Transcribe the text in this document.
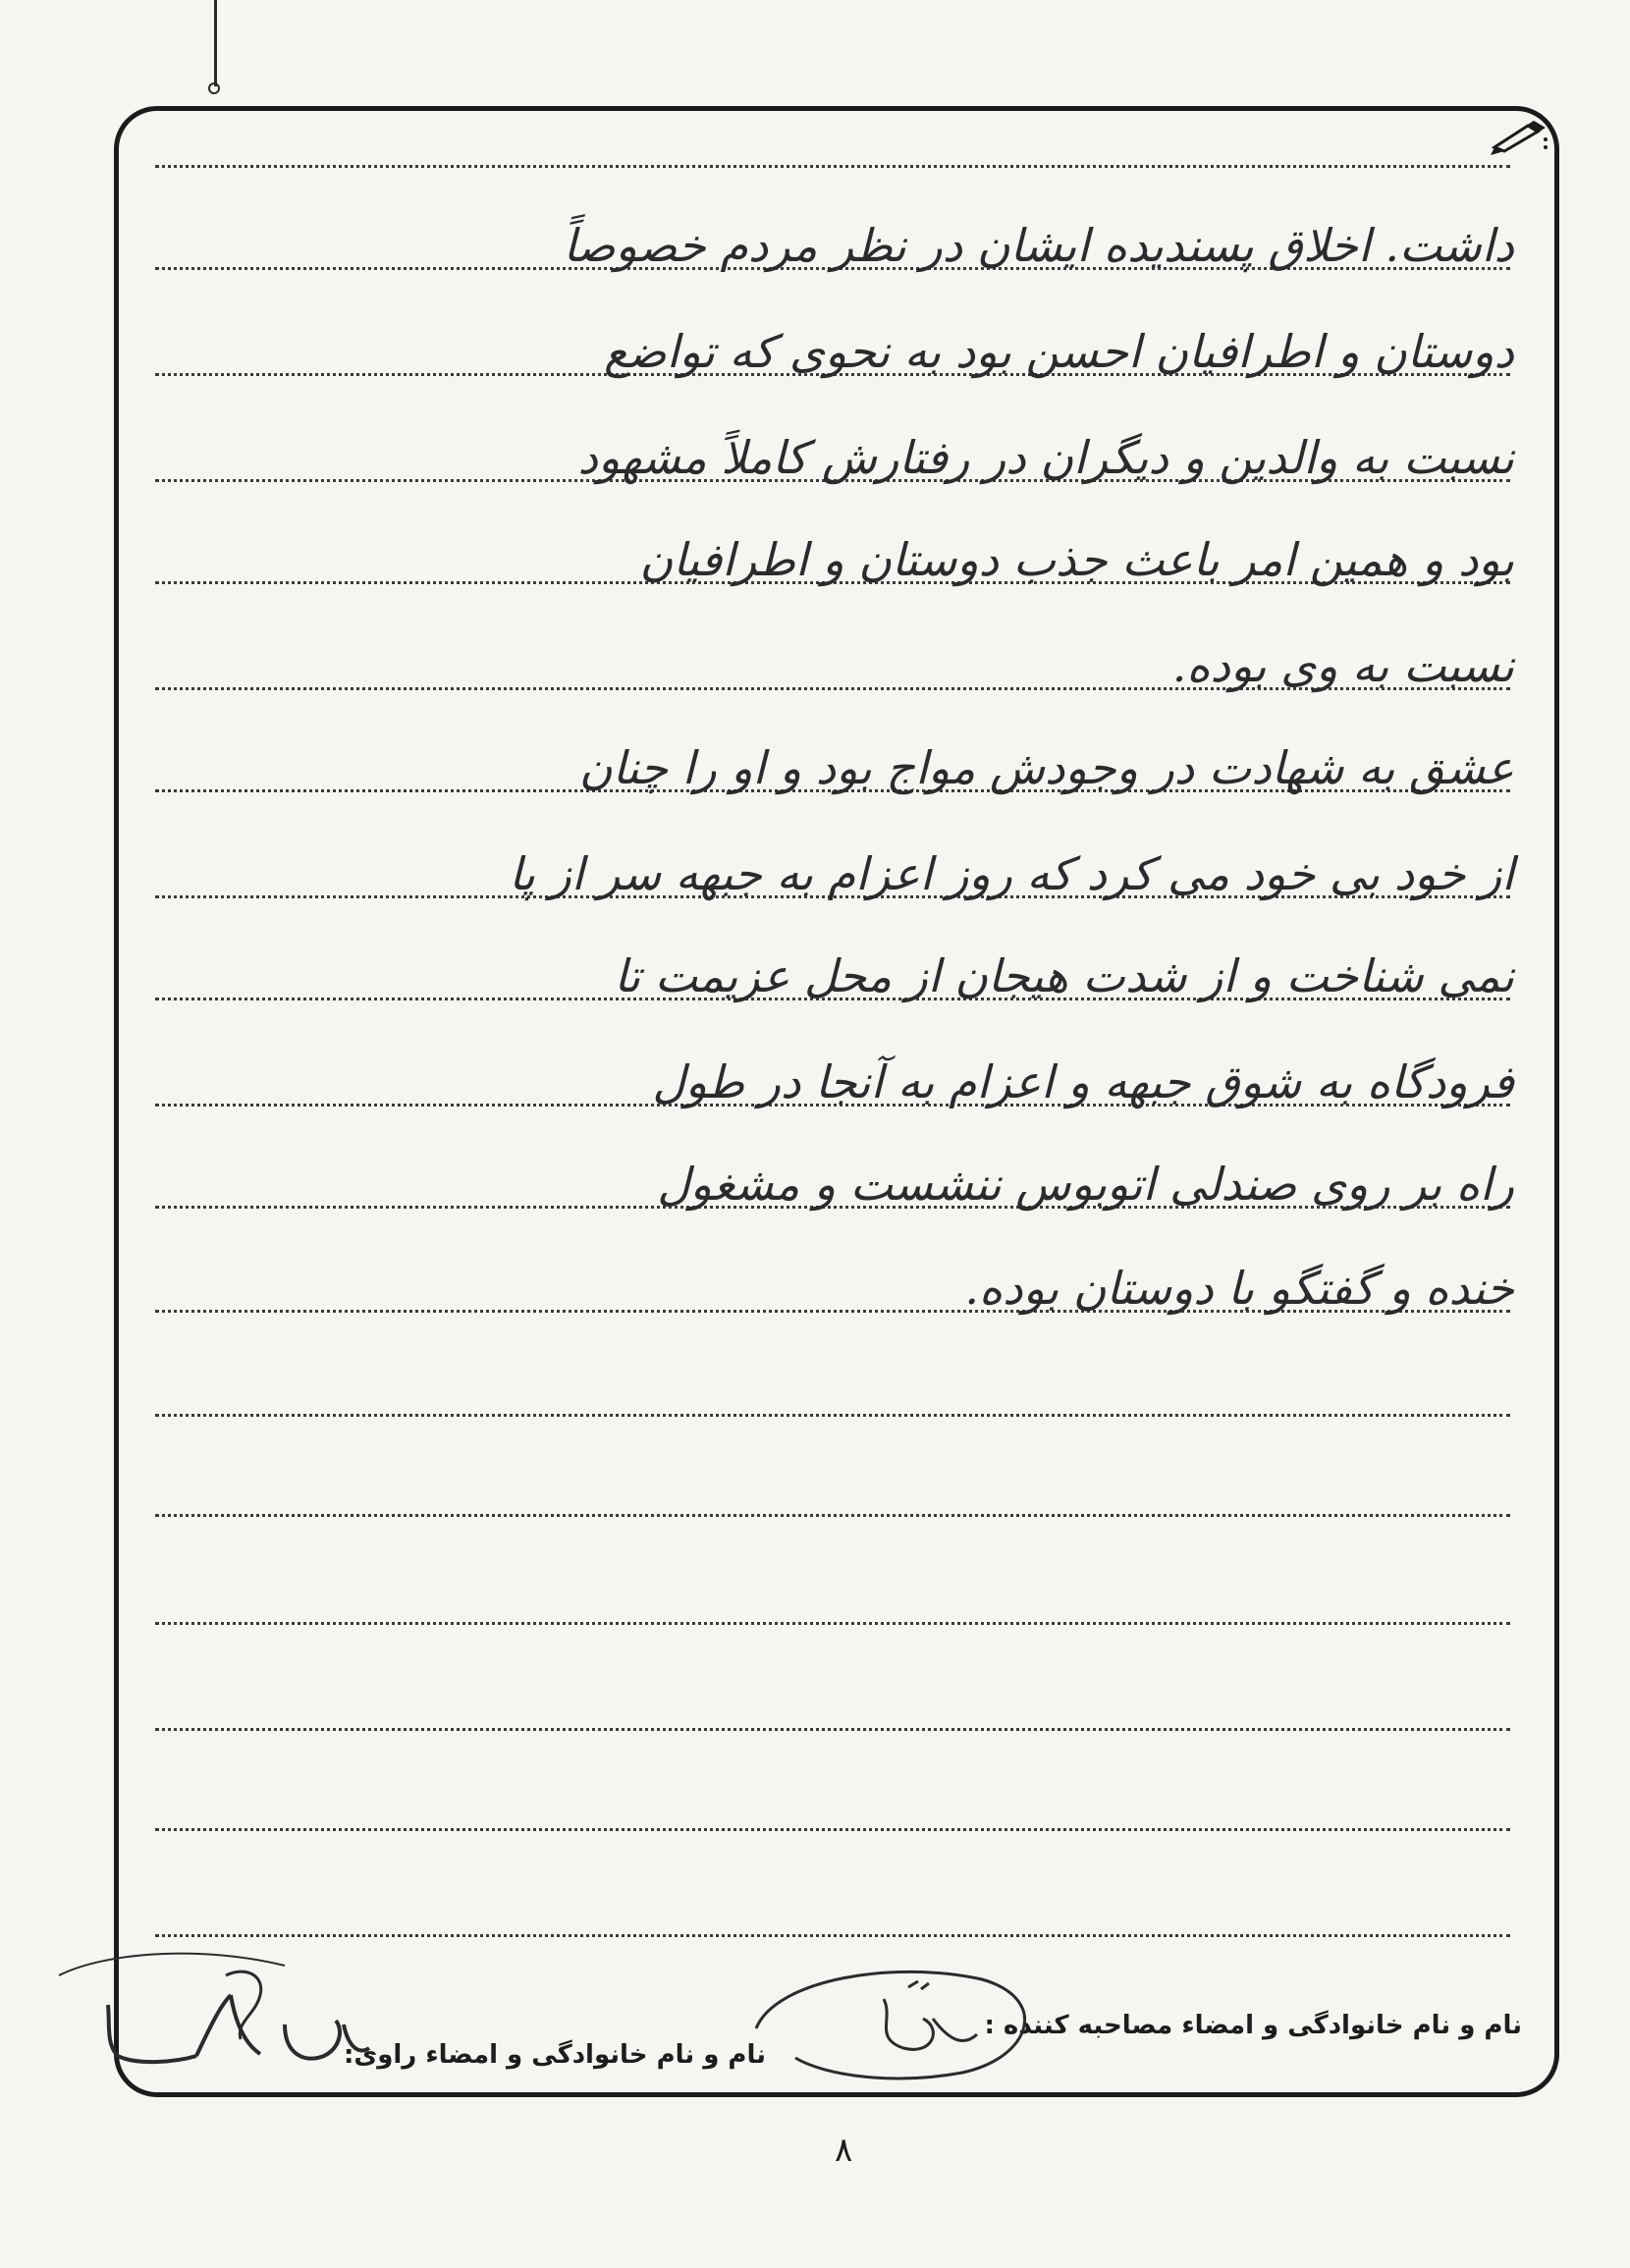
داشت. اخلاق پسندیده ایشان در نظر مردم خصوصاً
دوستان و اطرافیان احسن بود به نحوی که تواضع
نسبت به والدین و دیگران در رفتارش کاملاً مشهود
بود و همین امر باعث جذب دوستان و اطرافیان
نسبت به وی بوده.
عشق به شهادت در وجودش مواج بود و او را چنان
از خود بی خود می کرد که روز اعزام به جبهه سر از پا
نمی شناخت و از شدت هیجان از محل عزیمت تا
فرودگاه به شوق جبهه و اعزام به آنجا در طول
راه بر روی صندلی اتوبوس ننشست و مشغول
خنده و گفتگو با دوستان بوده.
نام و نام خانوادگی و امضاء مصاحبه کننده :
نام و نام خانوادگی و امضاء راوی:
۸
